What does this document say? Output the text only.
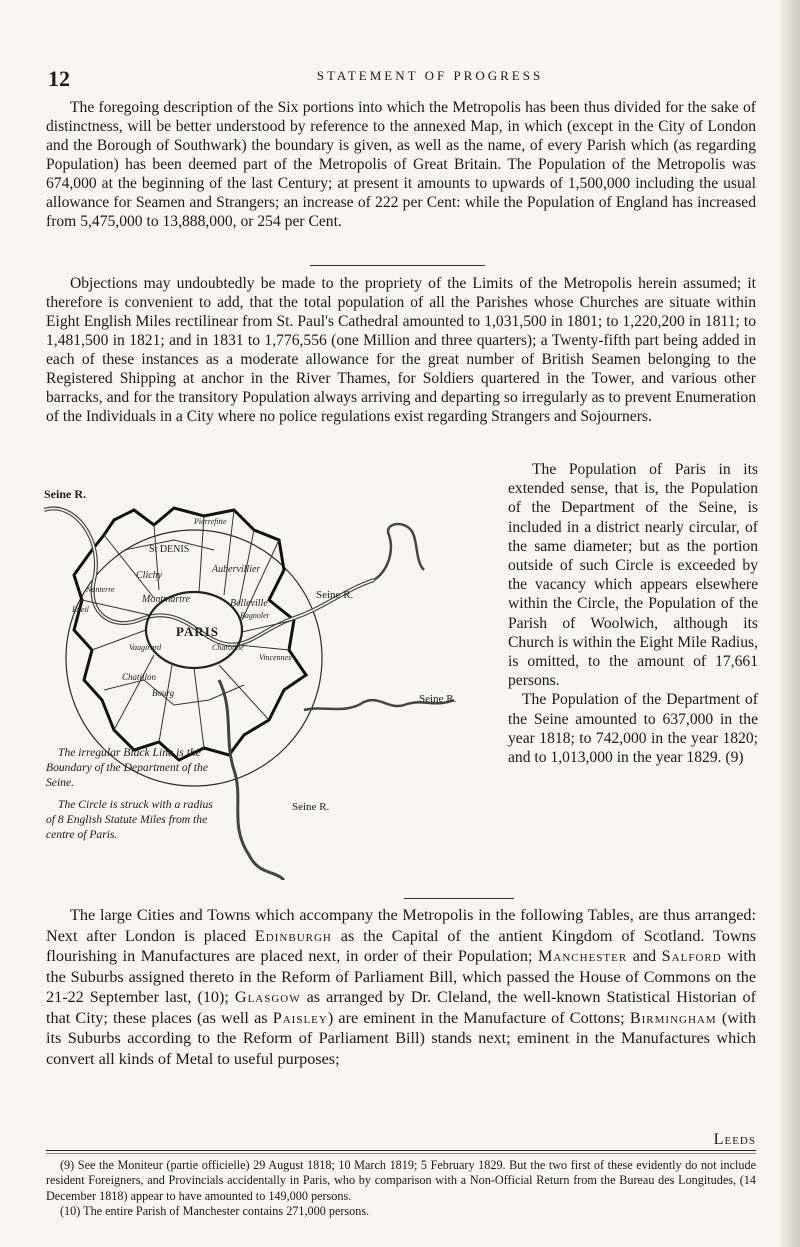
12	STATEMENT OF PROGRESS

The foregoing description of the Six portions into which the Metropolis has been thus divided for the sake of distinctness, will be better understood by reference to the annexed Map, in which (except in the City of London and the Borough of Southwark) the boundary is given, as well as the name, of every Parish which (as regarding Population) has been deemed part of the Metropolis of Great Britain. The Population of the Metropolis was 674,000 at the beginning of the last Century; at present it amounts to upwards of 1,500,000 including the usual allowance for Seamen and Strangers; an increase of 222 per Cent: while the Population of England has increased from 5,475,000 to 13,888,000, or 254 per Cent.

Objections may undoubtedly be made to the propriety of the Limits of the Metropolis herein assumed; it therefore is convenient to add, that the total population of all the Parishes whose Churches are situate within Eight English Miles rectilinear from St. Paul's Cathedral amounted to 1,031,500 in 1801; to 1,220,200 in 1811; to 1,481,500 in 1821; and in 1831 to 1,776,556 (one Million and three quarters); a Twenty-fifth part being added in each of these instances as a moderate allowance for the great number of British Seamen belonging to the Registered Shipping at anchor in the River Thames, for Soldiers quartered in the Tower, and various other barracks, and for the transitory Population always arriving and departing so irregularly as to prevent Enumeration of the Individuals in a City where no police regulations exist regarding Strangers and Sojourners.

Seine R.
St DENIS
Clichy
Aubervillier
Belleville
Bagnolet
Montmartre
PARIS
Charonne
Vaugirard
Chatillon
Bourg
Nanterre
Rueil
Pierrefitte
Vincennes
Seine R.
Seine R.
Seine R.

The irregular Black Line is the Boundary of the Department of the Seine.

The Circle is struck with a radius of 8 English Statute Miles from the centre of Paris.

The Population of Paris in its extended sense, that is, the Population of the Department of the Seine, is included in a district nearly circular, of the same diameter; but as the portion outside of such Circle is exceeded by the vacancy which appears elsewhere within the Circle, the Population of the Parish of Woolwich, although its Church is within the Eight Mile Radius, is omitted, to the amount of 17,661 persons.

The Population of the Department of the Seine amounted to 637,000 in the year 1818; to 742,000 in the year 1820; and to 1,013,000 in the year 1829. (9)

The large Cities and Towns which accompany the Metropolis in the following Tables, are thus arranged: Next after London is placed Edinburgh as the Capital of the antient Kingdom of Scotland. Towns flourishing in Manufactures are placed next, in order of their Population; Manchester and Salford with the Suburbs assigned thereto in the Reform of Parliament Bill, which passed the House of Commons on the 21-22 September last, (10); Glasgow as arranged by Dr. Cleland, the well-known Statistical Historian of that City; these places (as well as Paisley) are eminent in the Manufacture of Cottons; Birmingham (with its Suburbs according to the Reform of Parliament Bill) stands next; eminent in the Manufactures which convert all kinds of Metal to useful purposes;

Leeds

(9) See the Moniteur (partie officielle) 29 August 1818; 10 March 1819; 5 February 1829. But the two first of these evidently do not include resident Foreigners, and Provincials accidentally in Paris, who by comparison with a Non-Official Return from the Bureau des Longitudes, (14 December 1818) appear to have amounted to 149,000 persons.

(10) The entire Parish of Manchester contains 271,000 persons.
